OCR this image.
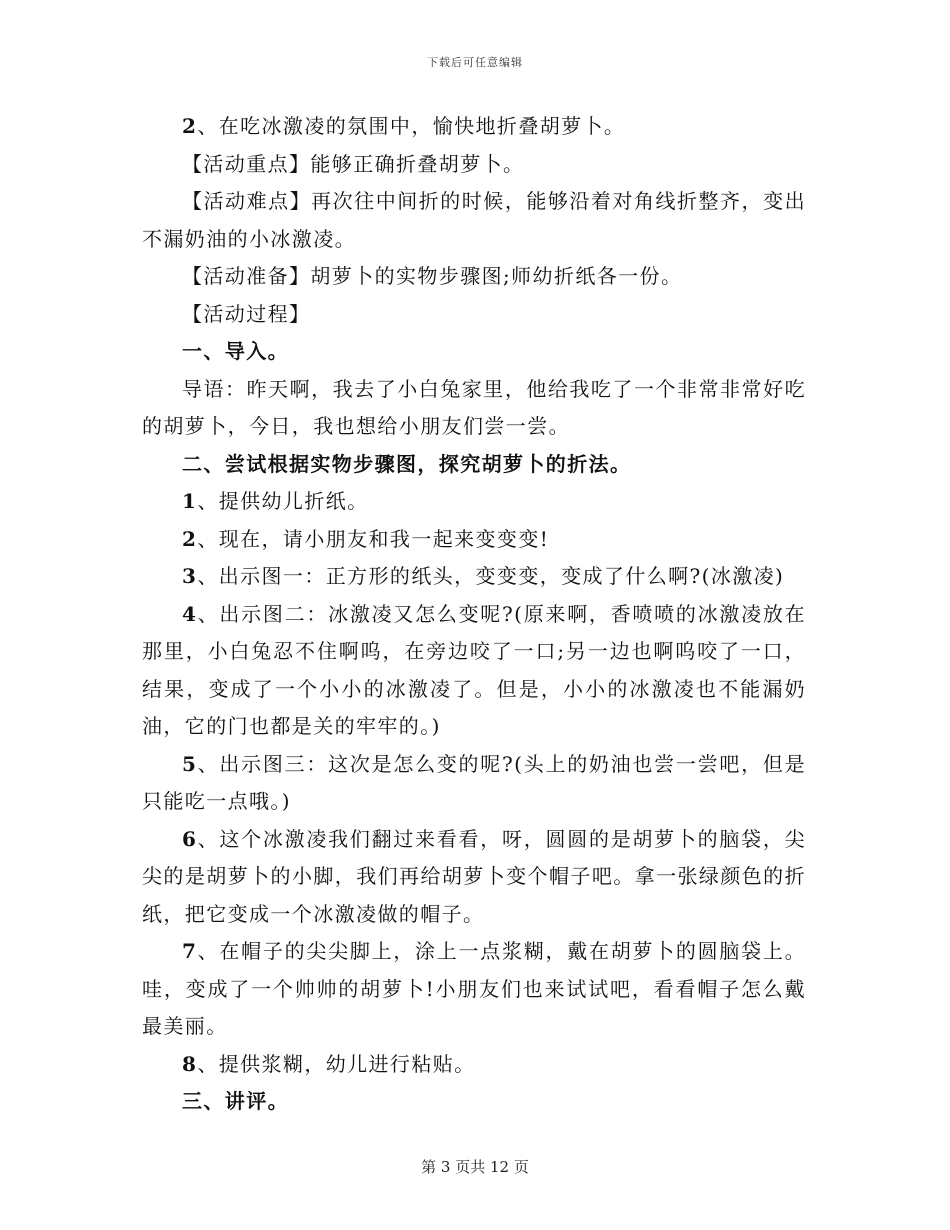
下载后可任意编辑

2、在吃冰激凌的氛围中，愉快地折叠胡萝卜。

【活动重点】能够正确折叠胡萝卜。

【活动难点】再次往中间折的时候，能够沿着对角线折整齐，变出不漏奶油的小冰激凌。

【活动准备】胡萝卜的实物步骤图;师幼折纸各一份。

【活动过程】

一、导入。

导语：昨天啊，我去了小白兔家里，他给我吃了一个非常非常好吃的胡萝卜，今日，我也想给小朋友们尝一尝。

二、尝试根据实物步骤图，探究胡萝卜的折法。

1、提供幼儿折纸。

2、现在，请小朋友和我一起来变变变!

3、出示图一：正方形的纸头，变变变，变成了什么啊?(冰激凌)

4、出示图二：冰激凌又怎么变呢?(原来啊，香喷喷的冰激凌放在那里，小白兔忍不住啊呜，在旁边咬了一口;另一边也啊呜咬了一口，结果，变成了一个小小的冰激凌了。但是，小小的冰激凌也不能漏奶油，它的门也都是关的牢牢的。)

5、出示图三：这次是怎么变的呢?(头上的奶油也尝一尝吧，但是只能吃一点哦。)

6、这个冰激凌我们翻过来看看，呀，圆圆的是胡萝卜的脑袋，尖尖的是胡萝卜的小脚，我们再给胡萝卜变个帽子吧。拿一张绿颜色的折纸，把它变成一个冰激凌做的帽子。

7、在帽子的尖尖脚上，涂上一点浆糊，戴在胡萝卜的圆脑袋上。哇，变成了一个帅帅的胡萝卜!小朋友们也来试试吧，看看帽子怎么戴最美丽。

8、提供浆糊，幼儿进行粘贴。

三、讲评。

第 3 页共 12 页
